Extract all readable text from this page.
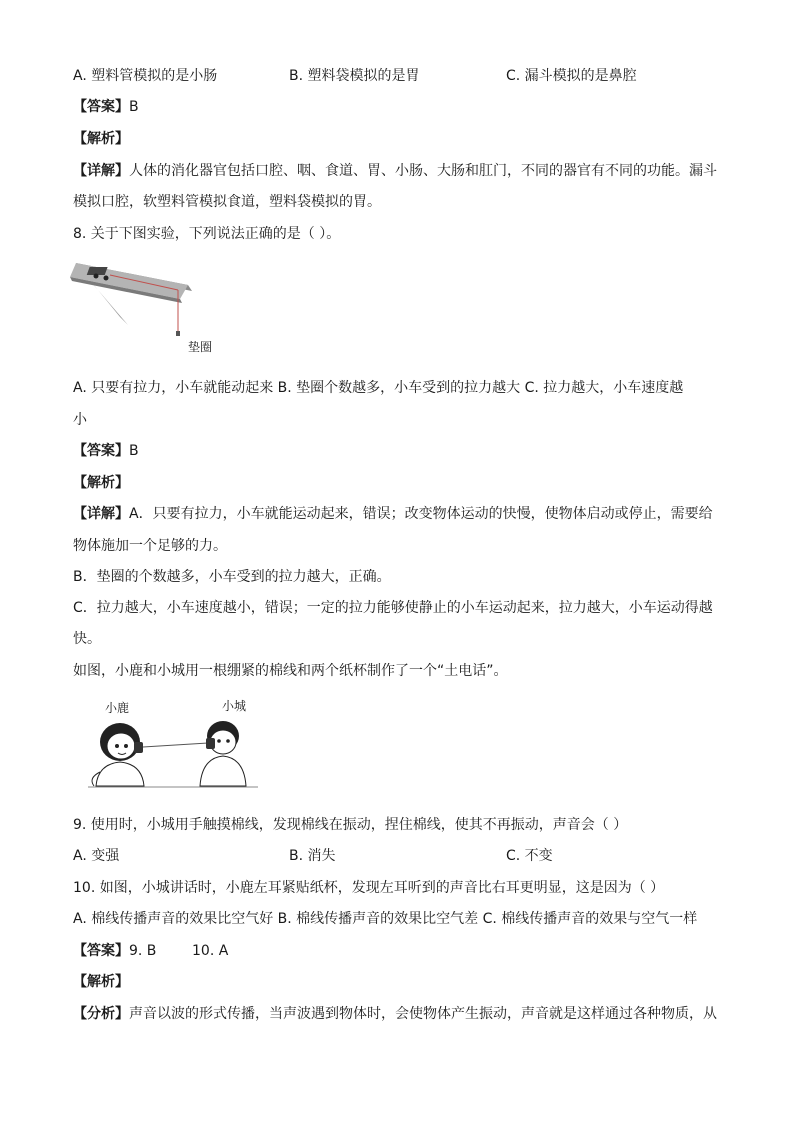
A. 塑料管模拟的是小肠	B. 塑料袋模拟的是胃	C. 漏斗模拟的是鼻腔
【答案】B
【解析】
【详解】人体的消化器官包括口腔、咽、食道、胃、小肠、大肠和肛门，不同的器官有不同的功能。漏斗
模拟口腔，软塑料管模拟食道，塑料袋模拟的胃。
8. 关于下图实验，下列说法正确的是（ ）。
垫圈
A. 只要有拉力，小车就能动起来 B. 垫圈个数越多，小车受到的拉力越大 C. 拉力越大，小车速度越
小
【答案】B
【解析】
【详解】A．只要有拉力，小车就能运动起来，错误；改变物体运动的快慢，使物体启动或停止，需要给
物体施加一个足够的力。
B．垫圈的个数越多，小车受到的拉力越大，正确。
C．拉力越大，小车速度越小，错误；一定的拉力能够使静止的小车运动起来，拉力越大，小车运动得越
快。
如图，小鹿和小城用一根绷紧的棉线和两个纸杯制作了一个“土电话”。
小鹿	小城
9. 使用时，小城用手触摸棉线，发现棉线在振动，捏住棉线，使其不再振动，声音会（ ）
A. 变强	B. 消失	C. 不变
10. 如图，小城讲话时，小鹿左耳紧贴纸杯，发现左耳听到的声音比右耳更明显，这是因为（ ）
A. 棉线传播声音的效果比空气好 B. 棉线传播声音的效果比空气差 C. 棉线传播声音的效果与空气一样
【答案】9. B        10. A
【解析】
【分析】声音以波的形式传播，当声波遇到物体时，会使物体产生振动，声音就是这样通过各种物质，从
